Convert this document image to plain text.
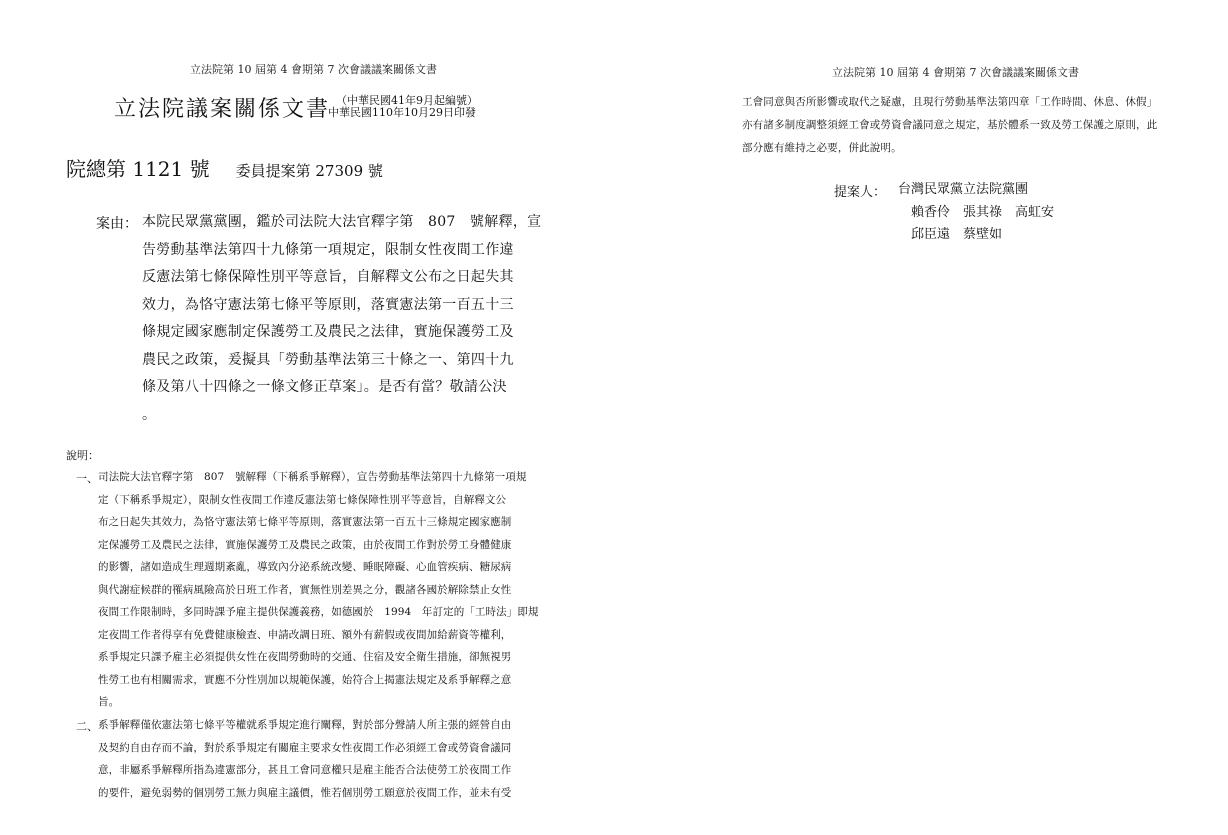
立法院第 10 屆第 4 會期第 7 次會議議案關係文書
立法院議案關係文書 （中華民國41年9月起編號）
中華民國110年10月29日印發
院總第 1121 號 委員提案第 27309 號
案由： 本院民眾黨黨團，鑑於司法院大法官釋字第　807　號解釋，宣
告勞動基準法第四十九條第一項規定，限制女性夜間工作違
反憲法第七條保障性別平等意旨，自解釋文公布之日起失其
效力，為恪守憲法第七條平等原則，落實憲法第一百五十三
條規定國家應制定保護勞工及農民之法律，實施保護勞工及
農民之政策，爰擬具「勞動基準法第三十條之一、第四十九
條及第八十四條之一條文修正草案」。是否有當？敬請公決
。
說明：
一、 司法院大法官釋字第　807　號解釋（下稱系爭解釋），宣告勞動基準法第四十九條第一項規
定（下稱系爭規定），限制女性夜間工作違反憲法第七條保障性別平等意旨，自解釋文公
布之日起失其效力，為恪守憲法第七條平等原則，落實憲法第一百五十三條規定國家應制
定保護勞工及農民之法律，實施保護勞工及農民之政策，由於夜間工作對於勞工身體健康
的影響，諸如造成生理週期紊亂，導致內分泌系統改變、睡眠障礙、心血管疾病、糖尿病
與代謝症候群的罹病風險高於日班工作者，實無性別差異之分，觀諸各國於解除禁止女性
夜間工作限制時，多同時課予雇主提供保護義務，如德國於　1994　年訂定的「工時法」即規
定夜間工作者得享有免費健康檢查、申請改調日班、額外有薪假或夜間加給薪資等權利，
系爭規定只課予雇主必須提供女性在夜間勞動時的交通、住宿及安全衛生措施，卻無視男
性勞工也有相關需求，實應不分性別加以規範保護，始符合上揭憲法規定及系爭解釋之意
旨。
二、 系爭解釋僅依憲法第七條平等權就系爭規定進行闡釋，對於部分聲請人所主張的經營自由
及契約自由存而不論，對於系爭規定有關雇主要求女性夜間工作必須經工會或勞資會議同
意，非屬系爭解釋所指為違憲部分，甚且工會同意權只是雇主能否合法使勞工於夜間工作
的要件，避免弱勢的個別勞工無力與雇主議價，惟若個別勞工願意於夜間工作，並未有受
立法院第 10 屆第 4 會期第 7 次會議議案關係文書
工會同意與否所影響或取代之疑慮，且現行勞動基準法第四章「工作時間、休息、休假」
亦有諸多制度調整須經工會或勞資會議同意之規定，基於體系一致及勞工保護之原則，此
部分應有維持之必要，併此說明。
提案人： 台灣民眾黨立法院黨團
　賴香伶　張其祿　高虹安
　邱臣遠　蔡壁如
